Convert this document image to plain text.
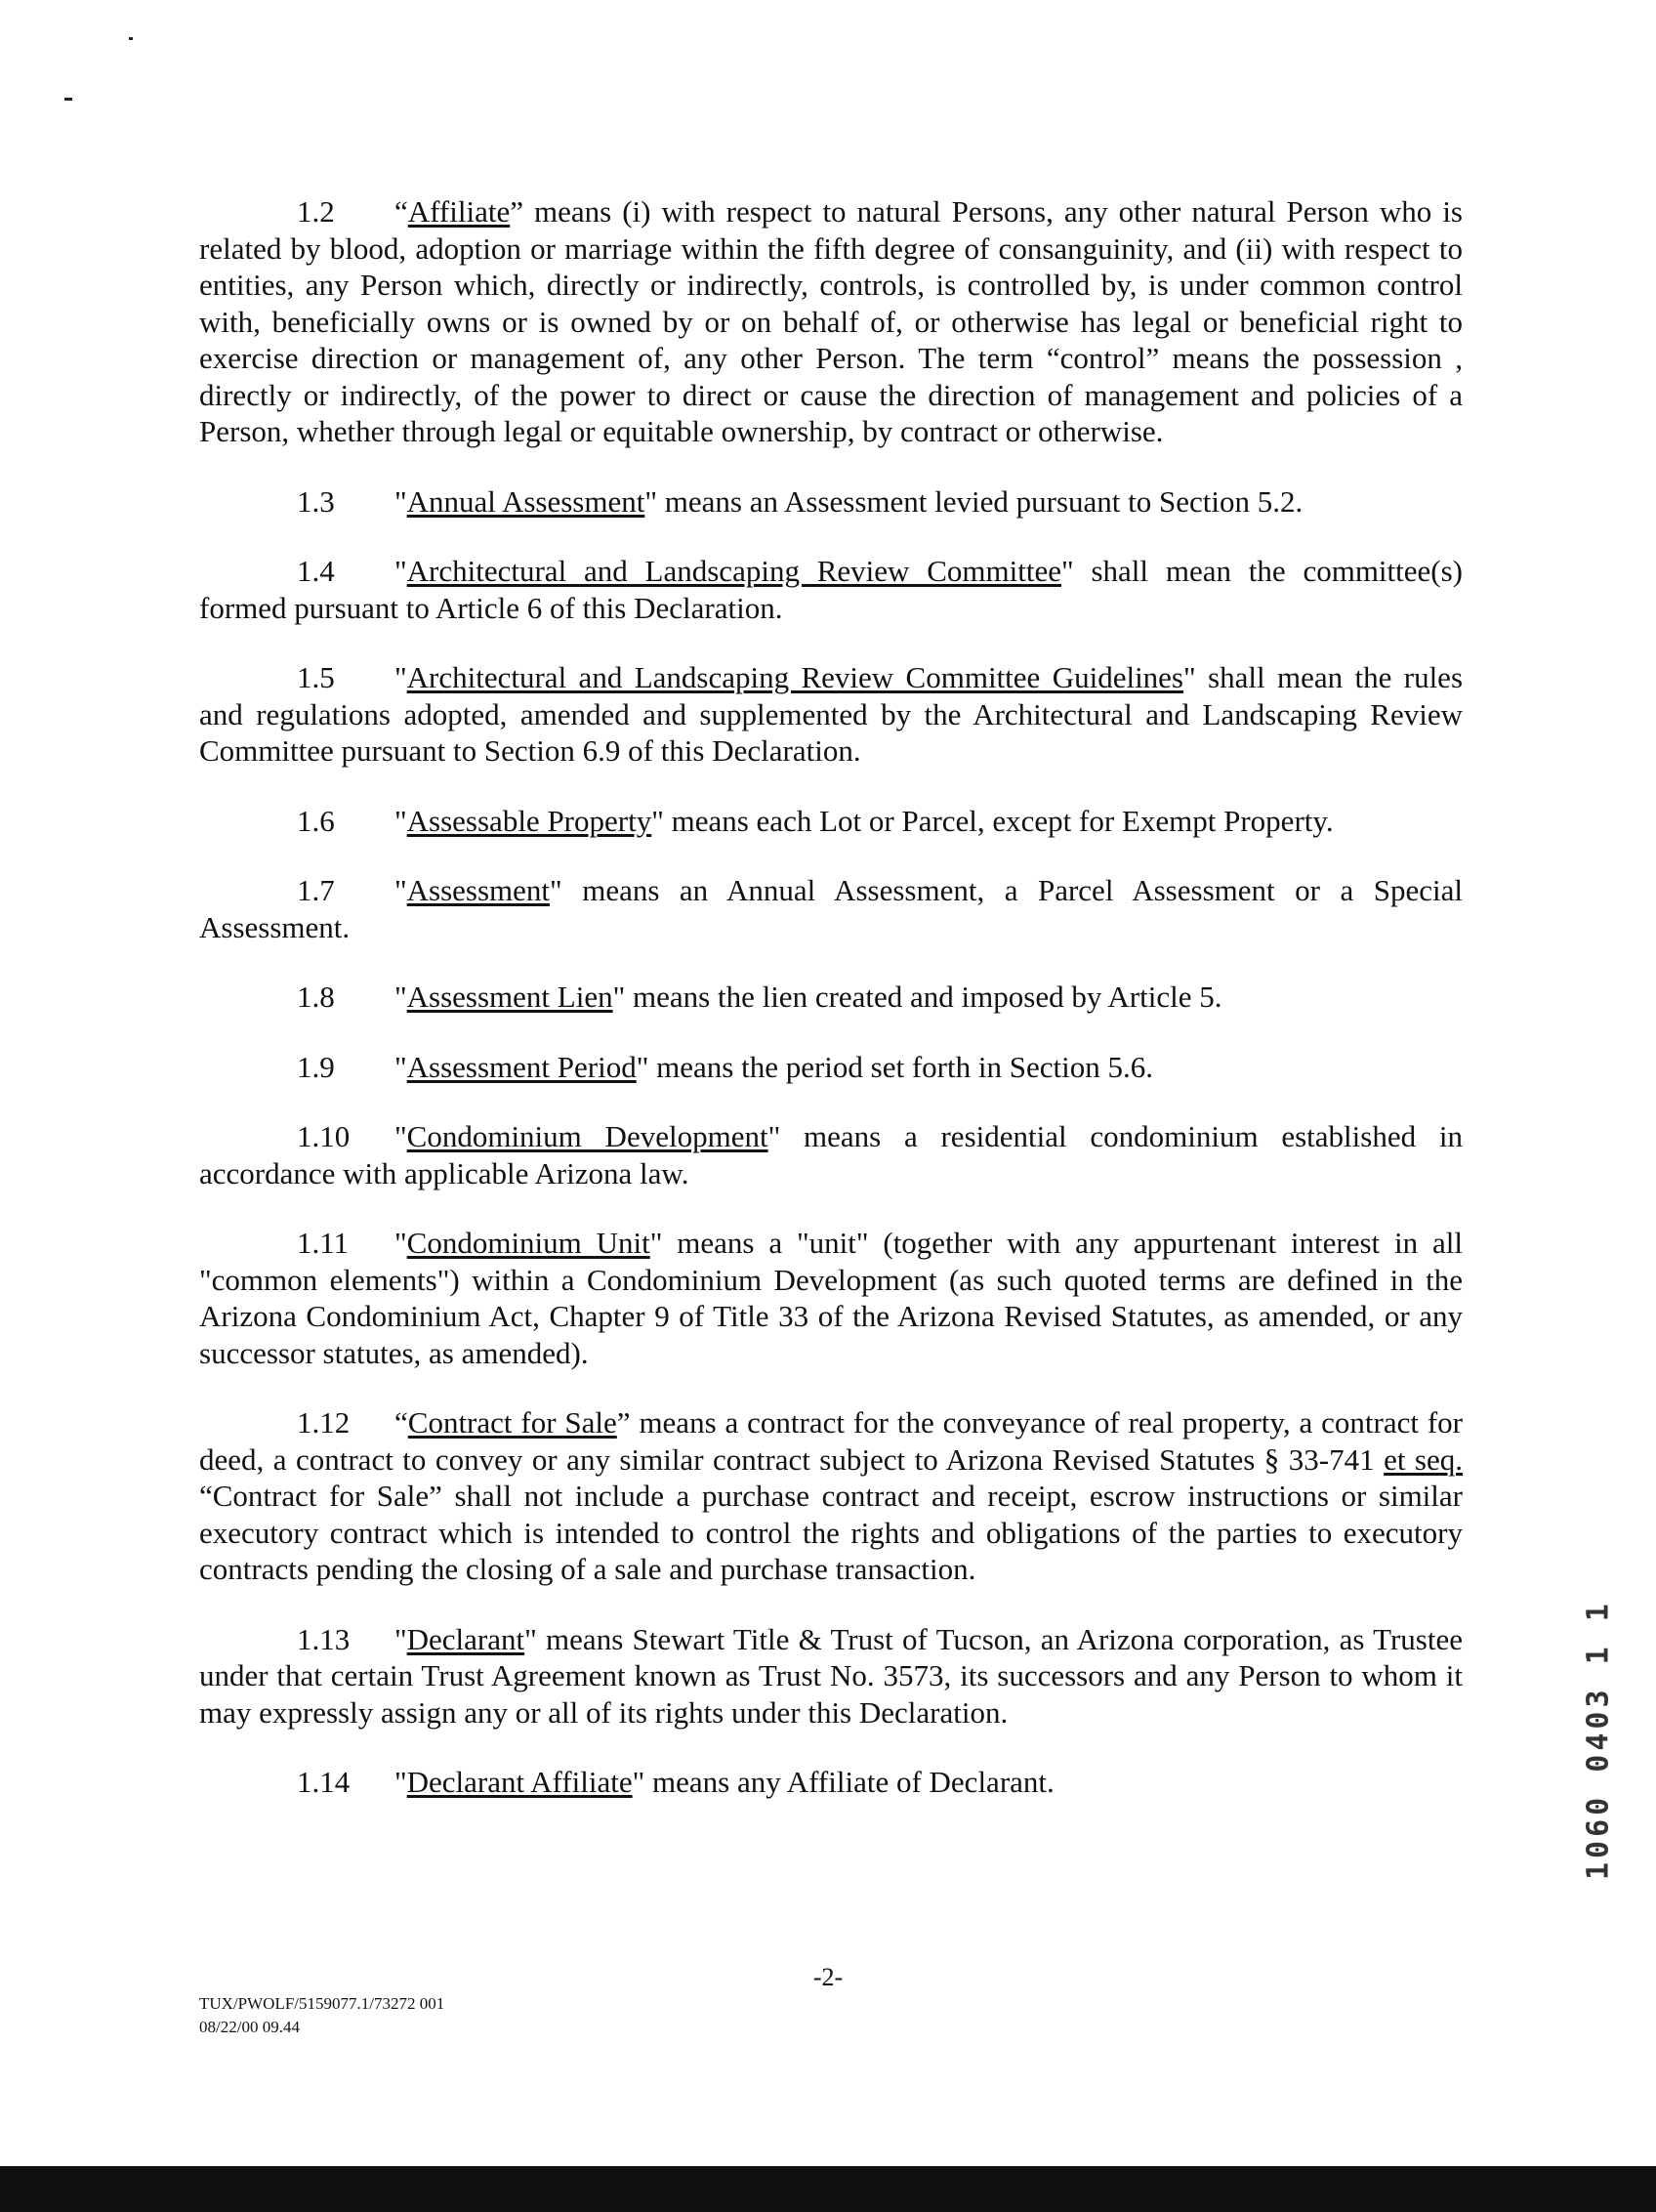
1.2 “Affiliate” means (i) with respect to natural Persons, any other natural Person who is related by blood, adoption or marriage within the fifth degree of consanguinity, and (ii) with respect to entities, any Person which, directly or indirectly, controls, is controlled by, is under common control with, beneficially owns or is owned by or on behalf of, or otherwise has legal or beneficial right to exercise direction or management of, any other Person. The term “control” means the possession , directly or indirectly, of the power to direct or cause the direction of management and policies of a Person, whether through legal or equitable ownership, by contract or otherwise.

1.3 "Annual Assessment" means an Assessment levied pursuant to Section 5.2.

1.4 "Architectural and Landscaping Review Committee" shall mean the committee(s) formed pursuant to Article 6 of this Declaration.

1.5 "Architectural and Landscaping Review Committee Guidelines" shall mean the rules and regulations adopted, amended and supplemented by the Architectural and Landscaping Review Committee pursuant to Section 6.9 of this Declaration.

1.6 "Assessable Property" means each Lot or Parcel, except for Exempt Property.

1.7 "Assessment" means an Annual Assessment, a Parcel Assessment or a Special Assessment.

1.8 "Assessment Lien" means the lien created and imposed by Article 5.

1.9 "Assessment Period" means the period set forth in Section 5.6.

1.10 "Condominium Development" means a residential condominium established in accordance with applicable Arizona law.

1.11 "Condominium Unit" means a "unit" (together with any appurtenant interest in all "common elements") within a Condominium Development (as such quoted terms are defined in the Arizona Condominium Act, Chapter 9 of Title 33 of the Arizona Revised Statutes, as amended, or any successor statutes, as amended).

1.12 “Contract for Sale” means a contract for the conveyance of real property, a contract for deed, a contract to convey or any similar contract subject to Arizona Revised Statutes § 33-741 et seq. “Contract for Sale” shall not include a purchase contract and receipt, escrow instructions or similar executory contract which is intended to control the rights and obligations of the parties to executory contracts pending the closing of a sale and purchase transaction.

1.13 "Declarant" means Stewart Title & Trust of Tucson, an Arizona corporation, as Trustee under that certain Trust Agreement known as Trust No. 3573, its successors and any Person to whom it may expressly assign any or all of its rights under this Declaration.

1.14 "Declarant Affiliate" means any Affiliate of Declarant.

-2-
TUX/PWOLF/5159077.1/73272 001
08/22/00 09.44
1060 0403 1 1
